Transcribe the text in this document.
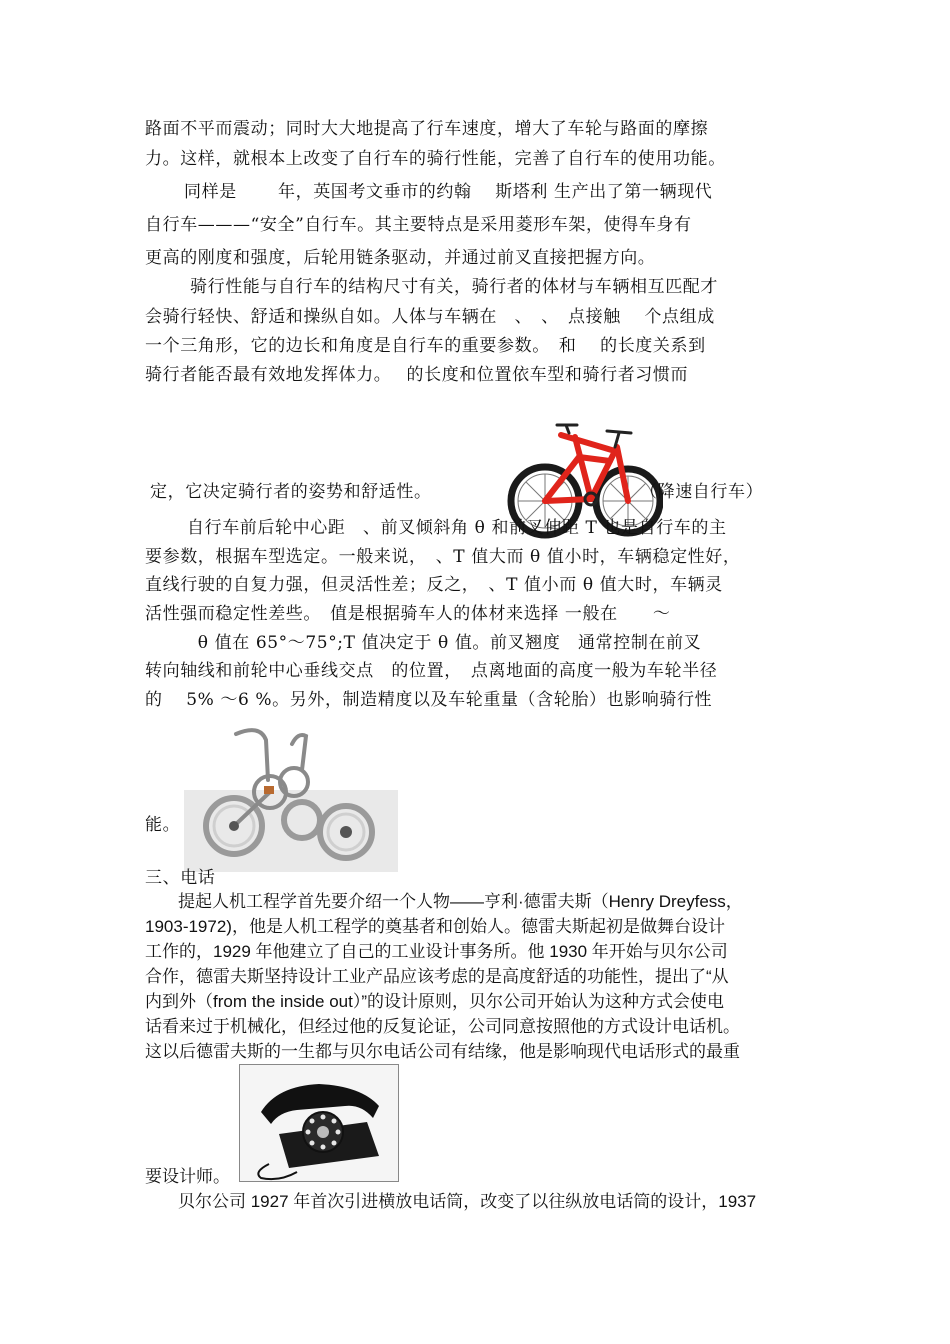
路面不平而震动；同时大大地提高了行车速度，增大了车轮与路面的摩擦
力。这样，就根本上改变了自行车的骑行性能，完善了自行车的使用功能。
同样是　　 年，英国考文垂市的约翰　 斯塔利 生产出了第一辆现代
自行车———“安全”自行车。其主要特点是采用菱形车架，使得车身有
更高的刚度和强度，后轮用链条驱动，并通过前叉直接把握方向。
骑行性能与自行车的结构尺寸有关，骑行者的体材与车辆相互匹配才
会骑行轻快、舒适和操纵自如。人体与车辆在　、　、　点接触　 个点组成
一个三角形，它的边长和角度是自行车的重要参数。　和　 的长度关系到
骑行者能否最有效地发挥体力。　 的长度和位置依车型和骑行者习惯而
定，它决定骑行者的姿势和舒适性。	（降速自行车）
自行车前后轮中心距　、前叉倾斜角 θ 和前叉伸距 T 也是自行车的主
要参数，根据车型选定。一般来说，　、T 值大而 θ 值小时，车辆稳定性好，
直线行驶的自复力强，但灵活性差；反之，　、T 值小而 θ 值大时，车辆灵
活性强而稳定性差些。　值是根据骑车人的体材来选择 一般在　　～
　　　θ 值在 65°～75°;T 值决定于 θ 值。前叉翘度　通常控制在前叉
转向轴线和前轮中心垂线交点　的位置，　点离地面的高度一般为车轮半径
的　 5% ～6 %。另外，制造精度以及车轮重量（含轮胎）也影响骑行性
能。
三、电话
提起人机工程学首先要介绍一个人物——亨利·德雷夫斯（Henry Dreyfess，
1903-1972)，他是人机工程学的奠基者和创始人。德雷夫斯起初是做舞台设计
工作的，1929 年他建立了自己的工业设计事务所。他 1930 年开始与贝尔公司
合作，德雷夫斯坚持设计工业产品应该考虑的是高度舒适的功能性，提出了“从
内到外（from the inside out）”的设计原则，贝尔公司开始认为这种方式会使电
话看来过于机械化，但经过他的反复论证，公司同意按照他的方式设计电话机。
这以后德雷夫斯的一生都与贝尔电话公司有结缘，他是影响现代电话形式的最重
要设计师。
贝尔公司 1927 年首次引进横放电话筒，改变了以往纵放电话筒的设计，1937
